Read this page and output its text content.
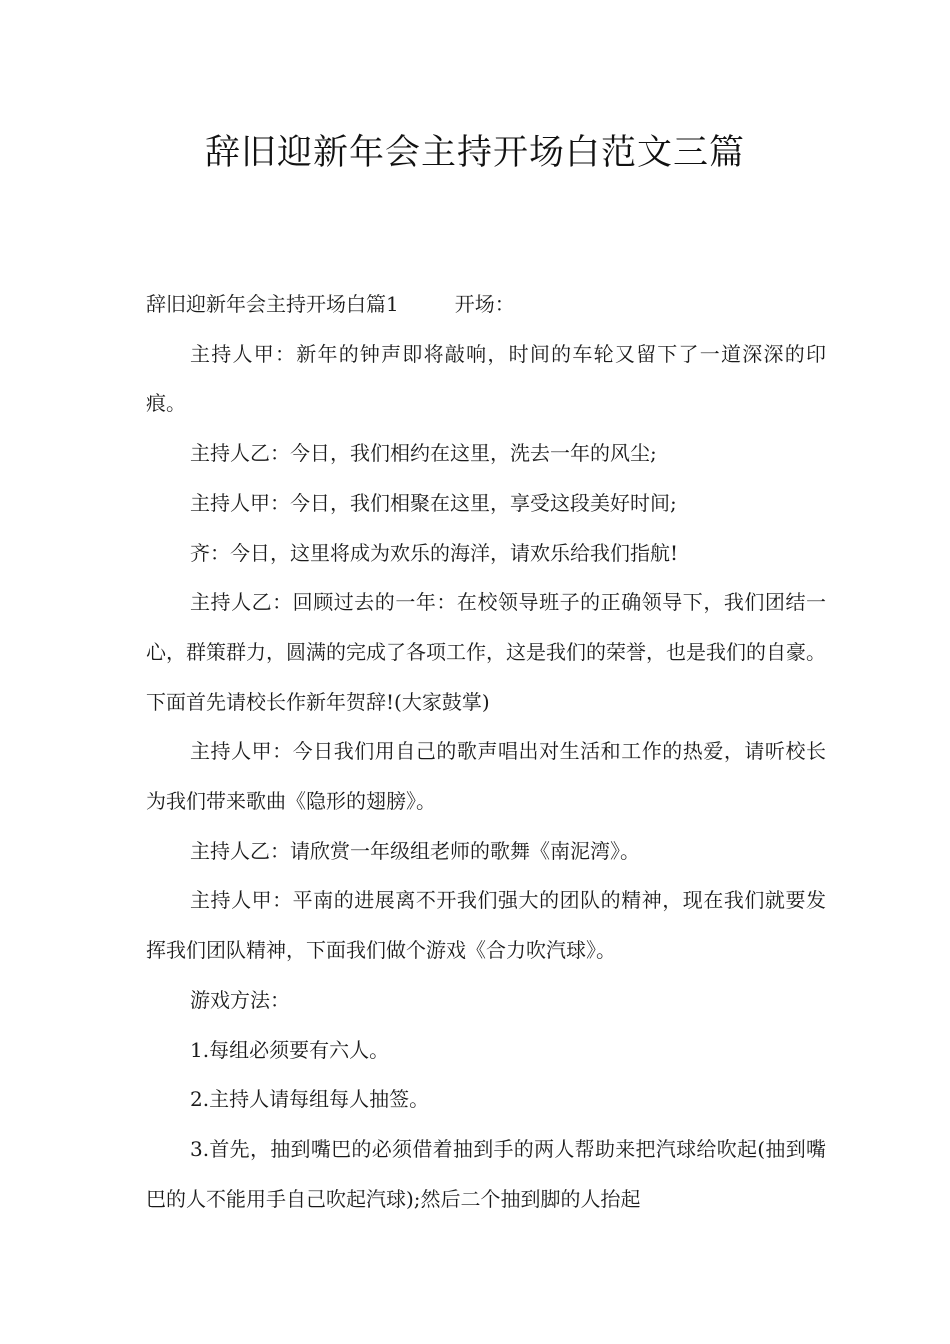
辞旧迎新年会主持开场白范文三篇

辞旧迎新年会主持开场白篇1	开场：

主持人甲：新年的钟声即将敲响，时间的车轮又留下了一道深深的印痕。

主持人乙：今日，我们相约在这里，洗去一年的风尘;

主持人甲：今日，我们相聚在这里，享受这段美好时间;

齐：今日，这里将成为欢乐的海洋，请欢乐给我们指航!

主持人乙：回顾过去的一年：在校领导班子的正确领导下，我们团结一心，群策群力，圆满的完成了各项工作，这是我们的荣誉，也是我们的自豪。下面首先请校长作新年贺辞!(大家鼓掌)

主持人甲：今日我们用自己的歌声唱出对生活和工作的热爱，请听校长为我们带来歌曲《隐形的翅膀》。

主持人乙：请欣赏一年级组老师的歌舞《南泥湾》。

主持人甲：平南的进展离不开我们强大的团队的精神，现在我们就要发挥我们团队精神，下面我们做个游戏《合力吹汽球》。

游戏方法：

1.每组必须要有六人。

2.主持人请每组每人抽签。

3.首先，抽到嘴巴的必须借着抽到手的两人帮助来把汽球给吹起(抽到嘴巴的人不能用手自己吹起汽球);然后二个抽到脚的人抬起
